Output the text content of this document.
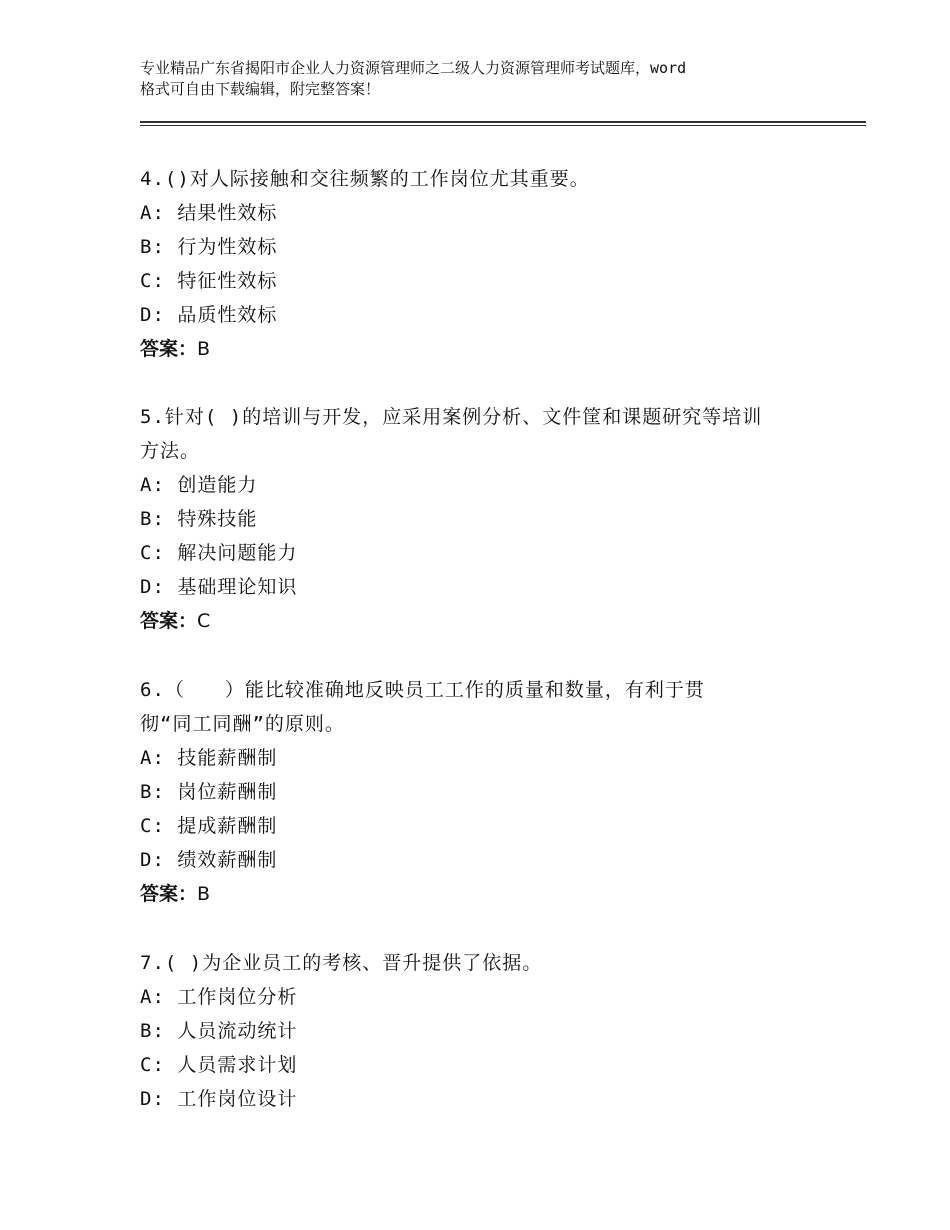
专业精品广东省揭阳市企业人力资源管理师之二级人力资源管理师考试题库，word
格式可自由下载编辑，附完整答案！

4.()对人际接触和交往频繁的工作岗位尤其重要。

A: 结果性效标

B: 行为性效标

C: 特征性效标

D: 品质性效标

答案：B

5.针对( )的培训与开发，应采用案例分析、文件筐和课题研究等培训

方法。

A: 创造能力

B: 特殊技能

C: 解决问题能力

D: 基础理论知识

答案：C

6.（　　）能比较准确地反映员工工作的质量和数量，有利于贯

彻“同工同酬”的原则。

A: 技能薪酬制

B: 岗位薪酬制

C: 提成薪酬制

D: 绩效薪酬制

答案：B

7.( )为企业员工的考核、晋升提供了依据。

A: 工作岗位分析

B: 人员流动统计

C: 人员需求计划

D: 工作岗位设计
